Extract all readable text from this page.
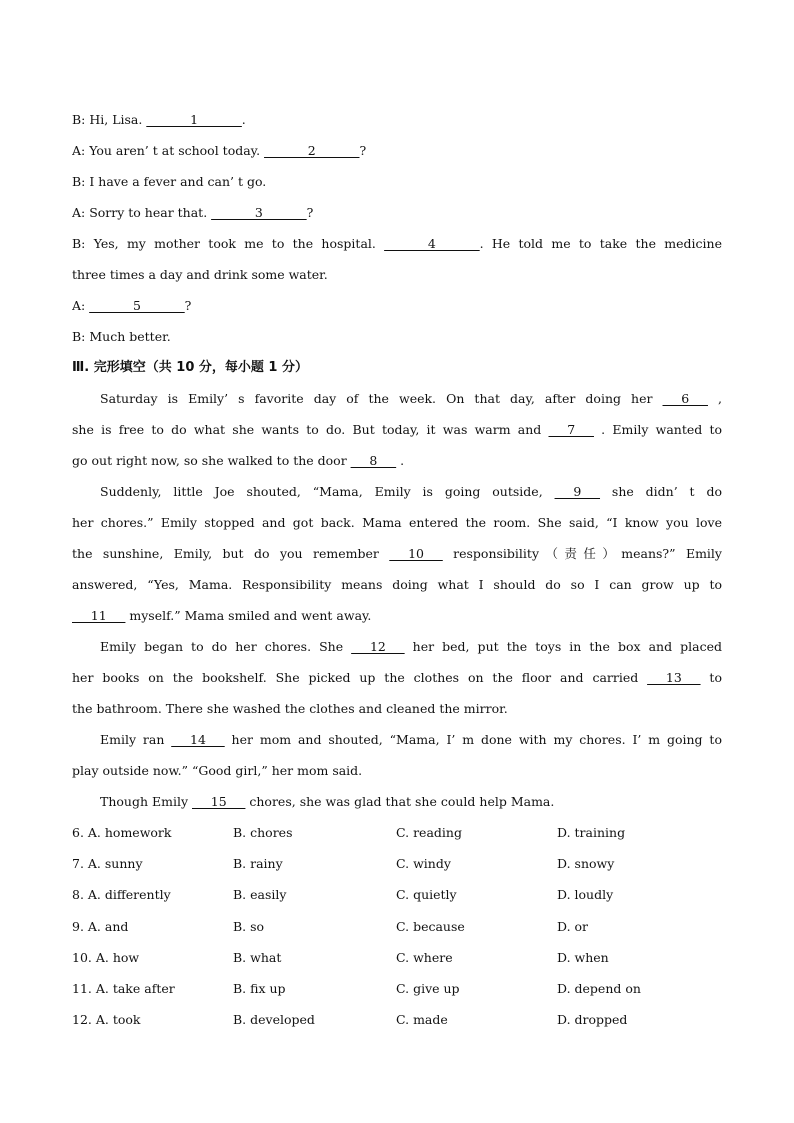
B: Hi, Lisa. _______1_______.
A: You aren’ t at school today. _______2_______?
B: I have a fever and can’ t go.
A: Sorry to hear that. _______3_______?
B: Yes, my mother took me to the hospital. _______4_______. He told me to take the medicine
three times a day and drink some water.
A: _______5_______?
B: Much better.
Ⅲ. 完形填空（共 10 分，每小题 1 分）
Saturday is Emily’ s favorite day of the week. On that day, after doing her ___6___ ,
she is free to do what she wants to do. But today, it was warm and ___7___ . Emily wanted to
go out right now, so she walked to the door ___8___ .
Suddenly, little Joe shouted, “Mama, Emily is going outside, ___9___ she didn’ t do
her chores.” Emily stopped and got back. Mama entered the room. She said, “I know you love
the sunshine, Emily, but do you remember ___10___ responsibility（责任）means?” Emily
answered, “Yes, Mama. Responsibility means doing what I should do so I can grow up to
___11___ myself.” Mama smiled and went away.
Emily began to do her chores. She ___12___ her bed, put the toys in the box and placed
her books on the bookshelf. She picked up the clothes on the floor and carried ___13___ to
the bathroom. There she washed the clothes and cleaned the mirror.
Emily ran ___14___ her mom and shouted, “Mama, I’ m done with my chores. I’ m going to
play outside now.” “Good girl,” her mom said.
Though Emily ___15___ chores, she was glad that she could help Mama.
6. A. homework	B. chores	C. reading	D. training
7. A. sunny	B. rainy	C. windy	D. snowy
8. A. differently	B. easily	C. quietly	D. loudly
9. A. and	B. so	C. because	D. or
10. A. how	B. what	C. where	D. when
11. A. take after	B. fix up	C. give up	D. depend on
12. A. took	B. developed	C. made	D. dropped
